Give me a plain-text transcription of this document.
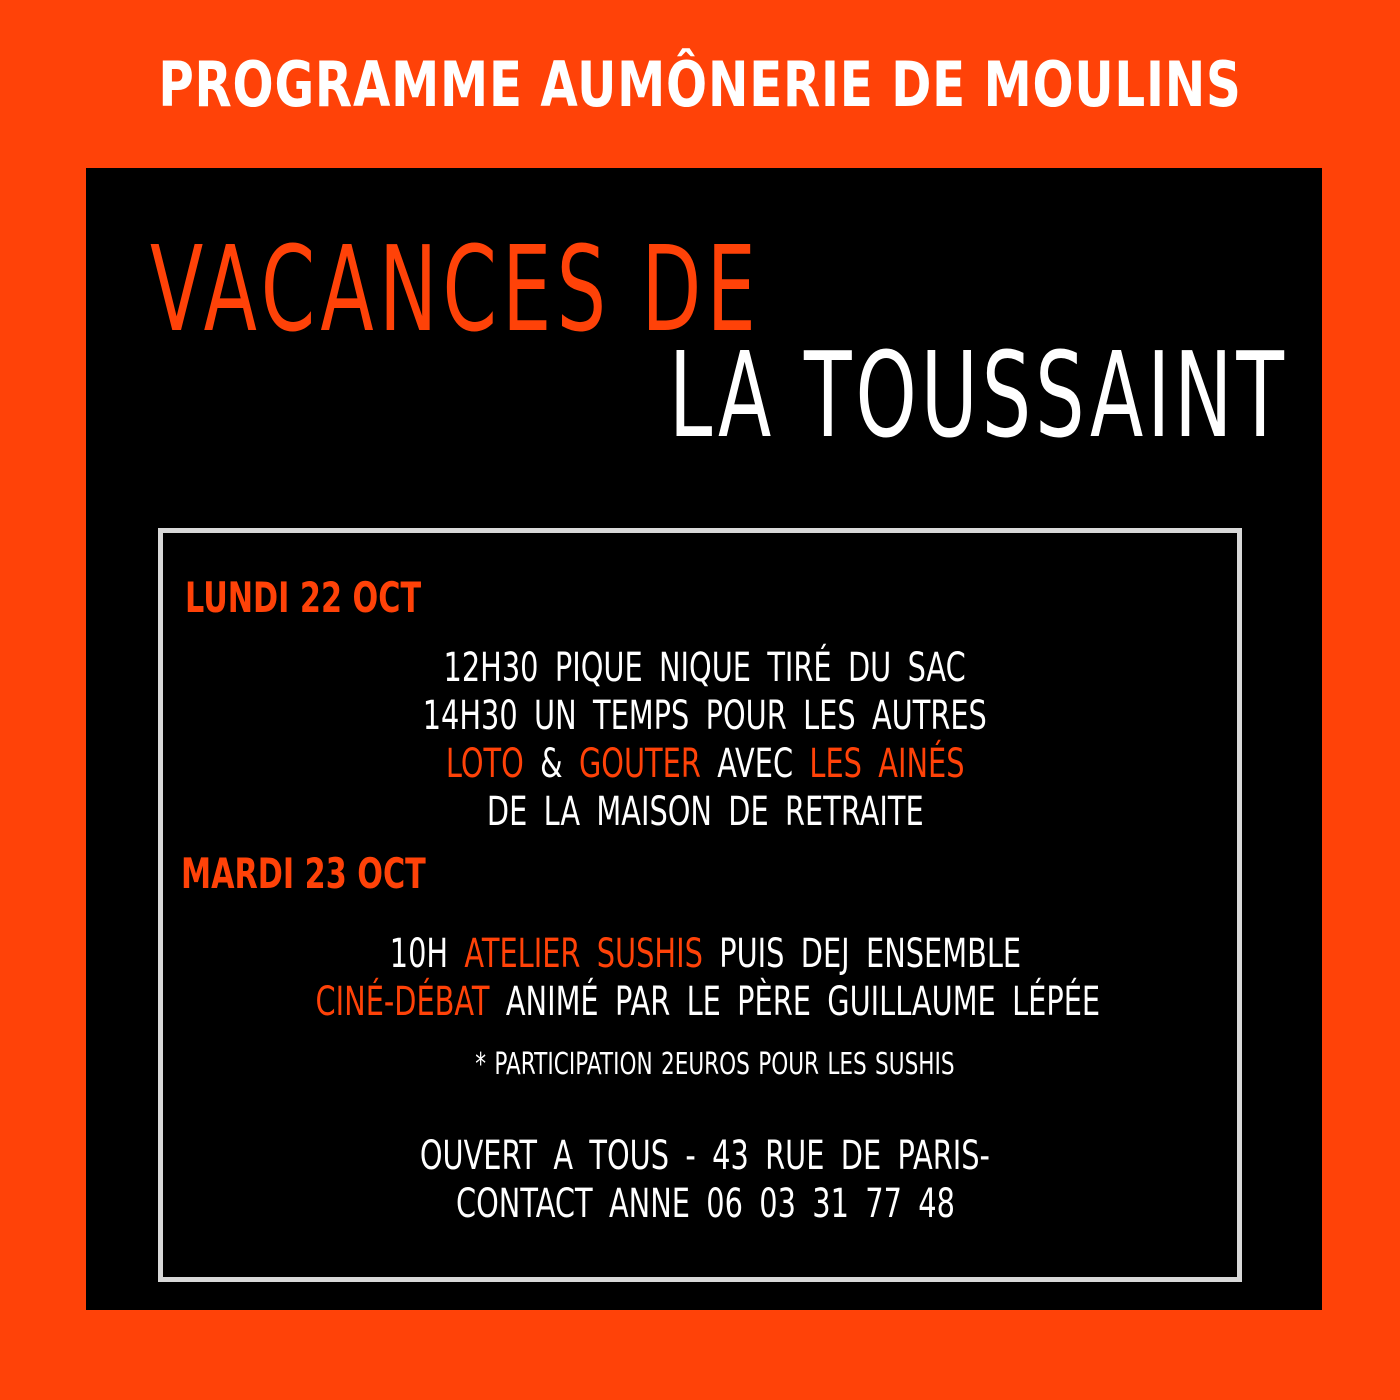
PROGRAMME AUMÔNERIE DE MOULINS
VACANCES DE
LA TOUSSAINT
LUNDI 22 OCT
12H30 PIQUE NIQUE TIRÉ DU SAC
14H30 UN TEMPS POUR LES AUTRES
LOTO & GOUTER AVEC LES AINÉS
DE LA MAISON DE RETRAITE
MARDI 23 OCT
10H ATELIER SUSHIS PUIS DEJ ENSEMBLE
CINÉ-DÉBAT ANIMÉ PAR LE PÈRE GUILLAUME LÉPÉE
* PARTICIPATION 2EUROS POUR LES SUSHIS
OUVERT A TOUS - 43 RUE DE PARIS-
CONTACT ANNE 06 03 31 77 48
